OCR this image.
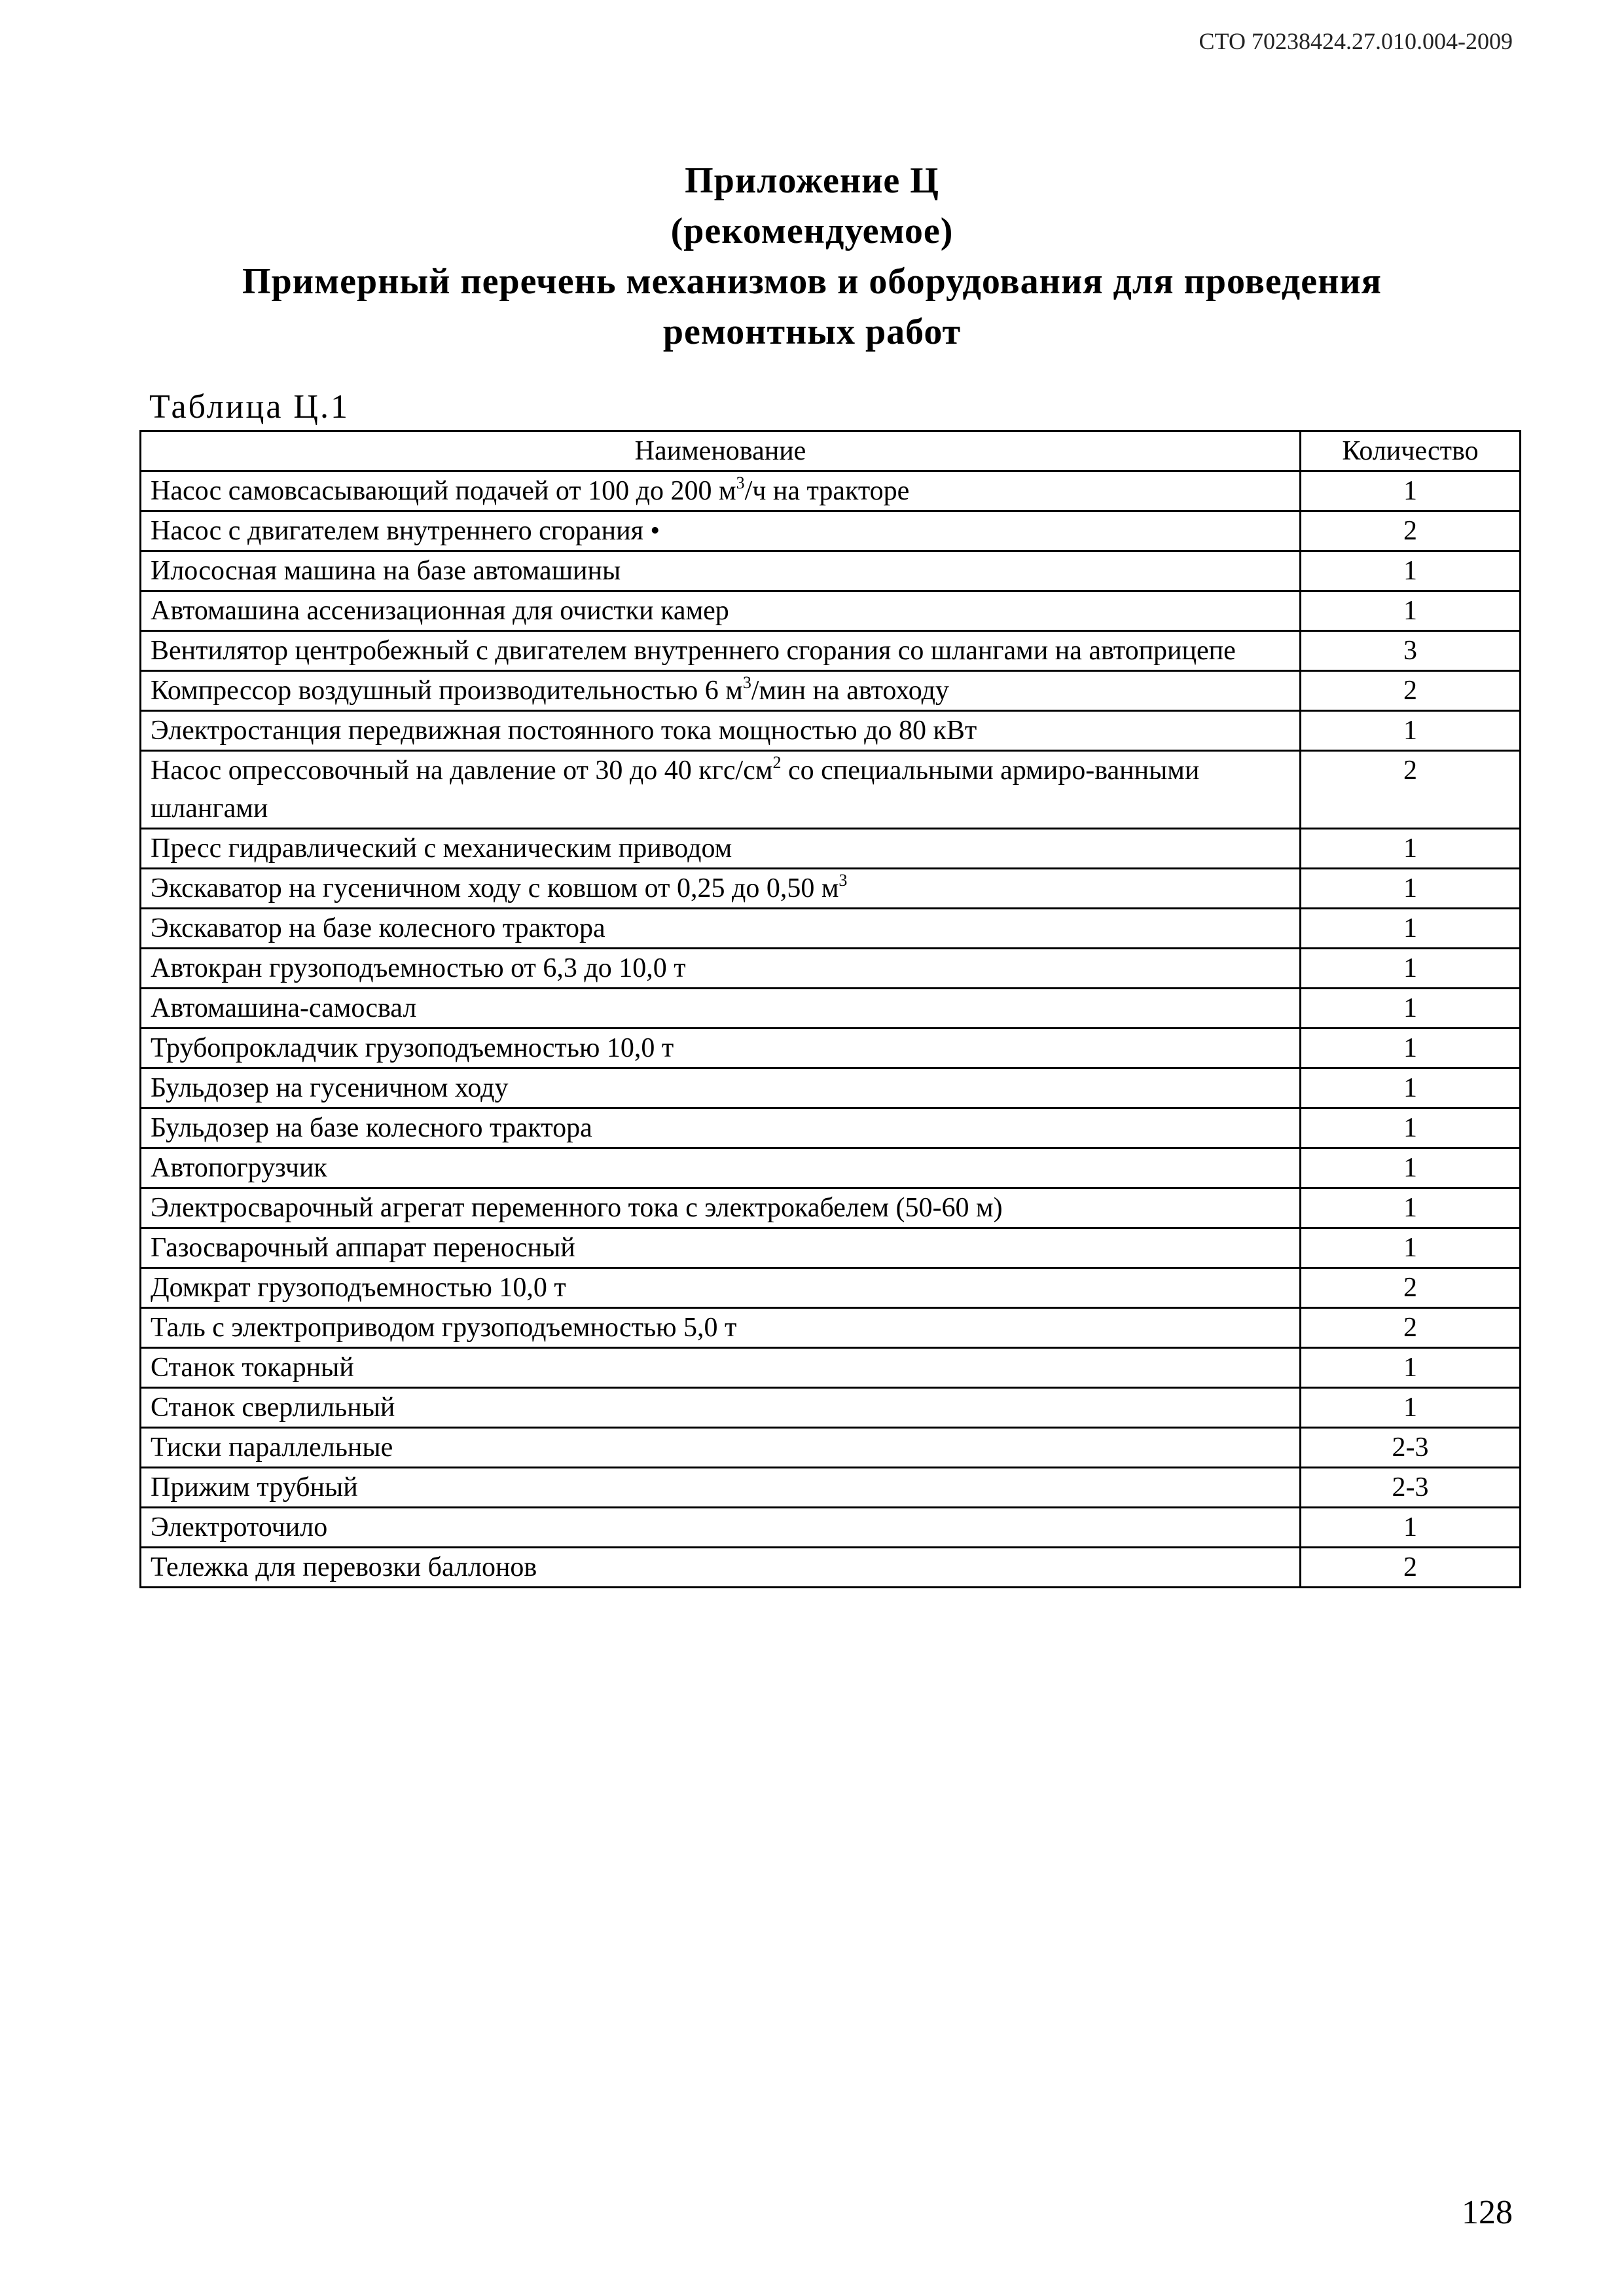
СТО 70238424.27.010.004-2009
Приложение Ц
(рекомендуемое)
Примерный перечень механизмов и оборудования для проведения
ремонтных работ
Таблица Ц.1
Наименование	Количество
Насос самовсасывающий подачей от 100 до 200 $м^3/ч$ на тракторе	1
Насос с двигателем внутреннего сгорания •	2
Илососная машина на базе автомашины	1
Автомашина ассенизационная для очистки камер	1
Вентилятор центробежный с двигателем внутреннего сгорания со шлангами на автоприцепе	3
Компрессор воздушный производительностью 6 $м^3$/мин на автоходу	2
Электростанция передвижная постоянного тока мощностью до 80 кВт	1
Насос опрессовочный на давление от 30 до 40 кгс/$см^2$ со специальными армиро-ванными шлангами	2
Пресс гидравлический с механическим приводом	1
Экскаватор на гусеничном ходу с ковшом от 0,25 до 0,50 $м^3$	1
Экскаватор на базе колесного трактора	1
Автокран грузоподъемностью от 6,3 до 10,0 т	1
Автомашина-самосвал	1
Трубопрокладчик грузоподъемностью 10,0 т	1
Бульдозер на гусеничном ходу	1
Бульдозер на базе колесного трактора	1
Автопогрузчик	1
Электросварочный агрегат переменного тока с электрокабелем (50-60 м)	1
Газосварочный аппарат переносный	1
Домкрат грузоподъемностью 10,0 т	2
Таль с электроприводом грузоподъемностью 5,0 т	2
Станок токарный	1
Станок сверлильный	1
Тиски параллельные	2-3
Прижим трубный	2-3
Электроточило	1
Тележка для перевозки баллонов	2
128
